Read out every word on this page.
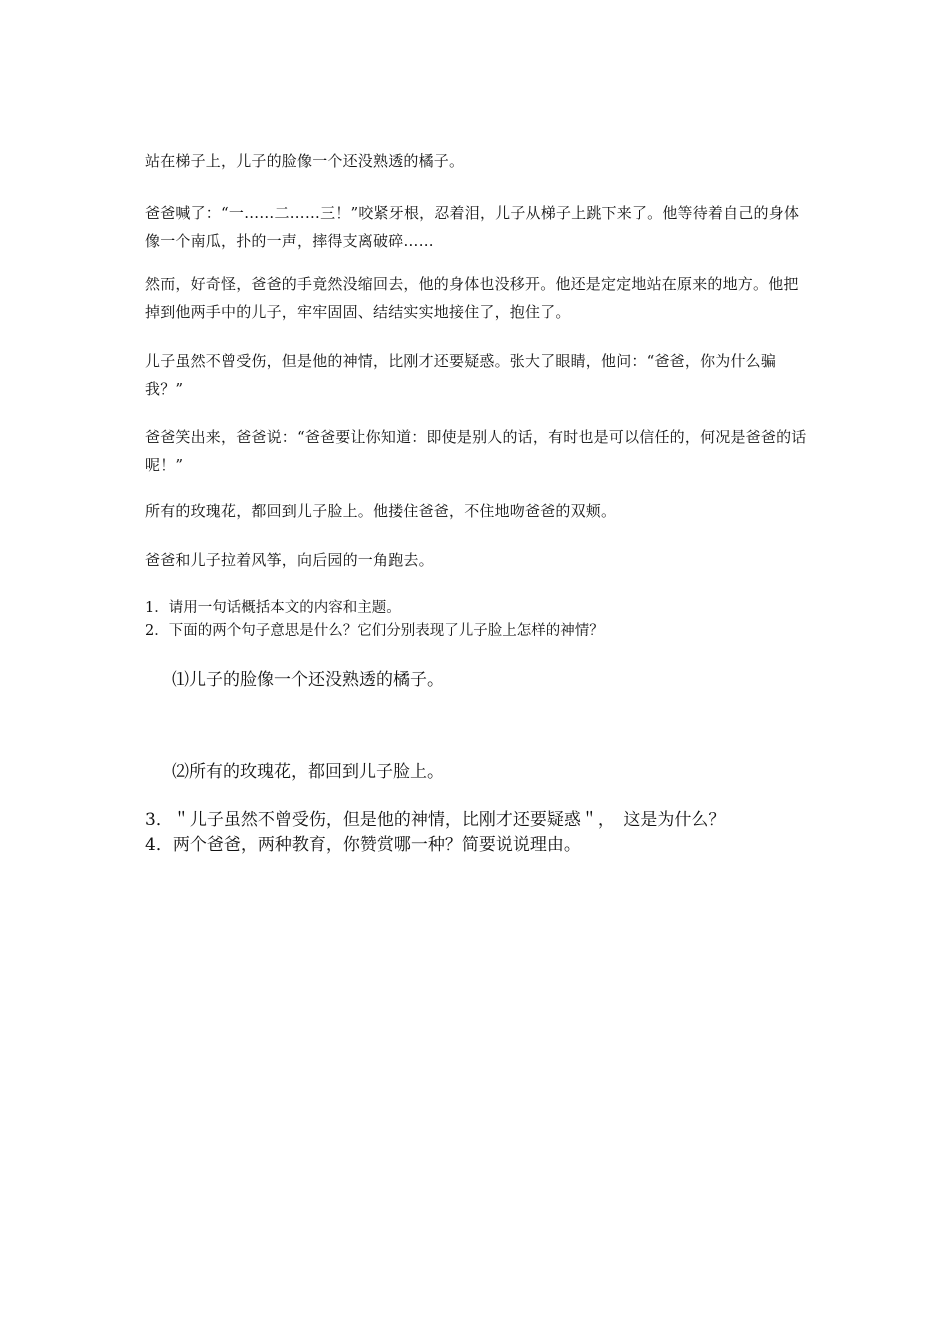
站在梯子上，儿子的脸像一个还没熟透的橘子。

爸爸喊了：“一……二……三！”咬紧牙根，忍着泪，儿子从梯子上跳下来了。他等待着自己的身体像一个南瓜，扑的一声，摔得支离破碎……

然而，好奇怪，爸爸的手竟然没缩回去，他的身体也没移开。他还是定定地站在原来的地方。他把掉到他两手中的儿子，牢牢固固、结结实实地接住了，抱住了。

儿子虽然不曾受伤，但是他的神情，比刚才还要疑惑。张大了眼睛，他问：“爸爸，你为什么骗我？”

爸爸笑出来，爸爸说：“爸爸要让你知道：即使是别人的话，有时也是可以信任的，何况是爸爸的话呢！”

所有的玫瑰花，都回到儿子脸上。他搂住爸爸，不住地吻爸爸的双颊。

爸爸和儿子拉着风筝，向后园的一角跑去。

1．请用一句话概括本文的内容和主题。

2．下面的两个句子意思是什么？它们分别表现了儿子脸上怎样的神情？

⑴儿子的脸像一个还没熟透的橘子。

⑵所有的玫瑰花，都回到儿子脸上。

3．＂儿子虽然不曾受伤，但是他的神情，比刚才还要疑惑＂，　这是为什么？

4．两个爸爸，两种教育，你赞赏哪一种？简要说说理由。
